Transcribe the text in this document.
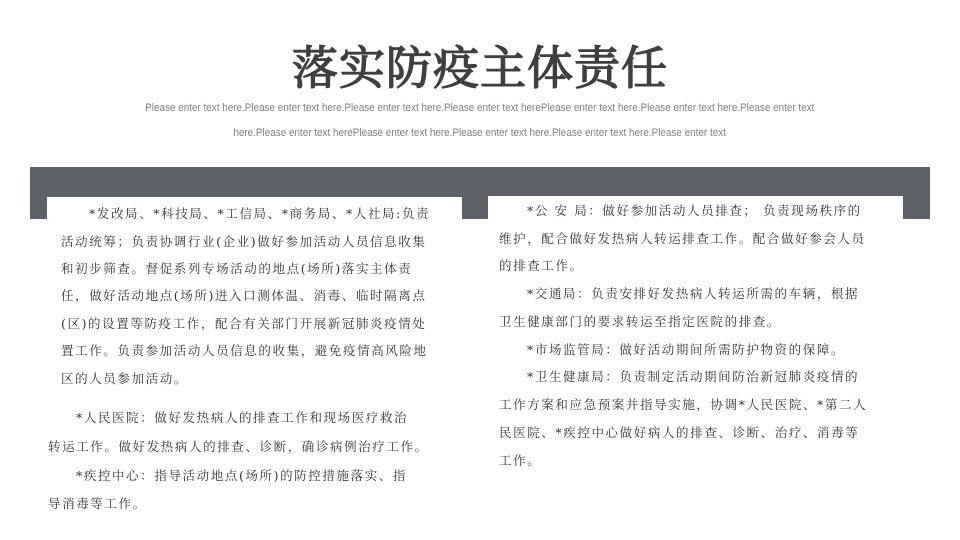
落实防疫主体责任
Please enter text here.Please enter text here.Please enter text here.Please enter text herePlease enter text here.Please enter text here.Please enter text
here.Please enter text herePlease enter text here.Please enter text here.Please enter text here.Please enter text
*发改局、*科技局、*工信局、*商务局、*人社局:负责
活动统筹；负责协调行业(企业)做好参加活动人员信息收集
和初步筛查。督促系列专场活动的地点(场所)落实主体责
任，做好活动地点(场所)进入口测体温、消毒、临时隔离点
(区)的设置等防疫工作，配合有关部门开展新冠肺炎疫情处
置工作。负责参加活动人员信息的收集，避免疫情高风险地
区的人员参加活动。
*人民医院：做好发热病人的排查工作和现场医疗救治
转运工作。做好发热病人的排查、诊断，确诊病例治疗工作。
*疾控中心：指导活动地点(场所)的防控措施落实、指
导消毒等工作。
*公 安 局：做好参加活动人员排查； 负责现场秩序的
维护，配合做好发热病人转运排查工作。配合做好参会人员
的排查工作。
*交通局：负责安排好发热病人转运所需的车辆，根据
卫生健康部门的要求转运至指定医院的排查。
*市场监管局：做好活动期间所需防护物资的保障。
*卫生健康局：负责制定活动期间防治新冠肺炎疫情的
工作方案和应急预案并指导实施，协调*人民医院、*第二人
民医院、*疾控中心做好病人的排查、诊断、治疗、消毒等
工作。
